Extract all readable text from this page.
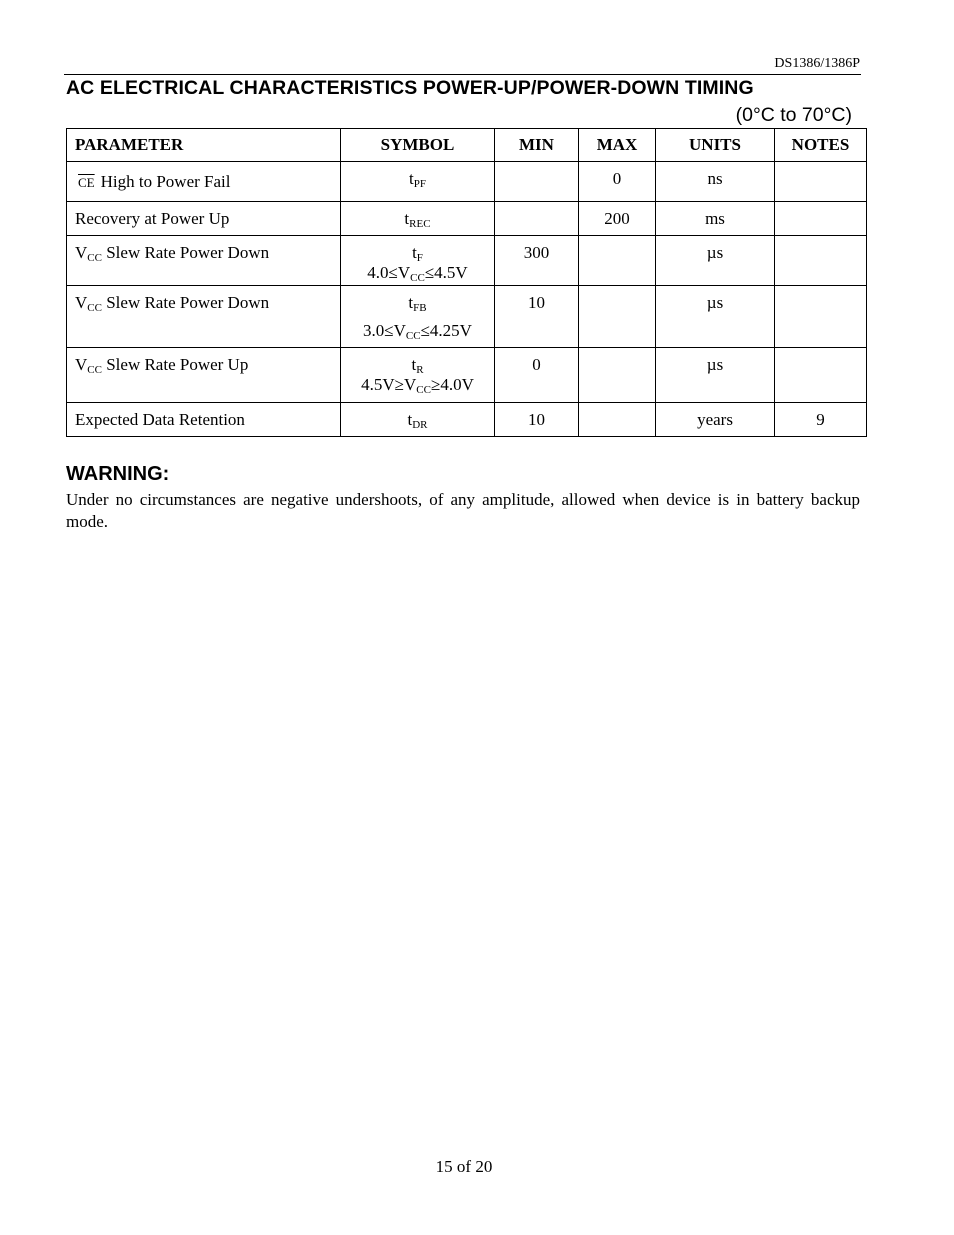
DS1386/1386P
AC ELECTRICAL CHARACTERISTICS POWER-UP/POWER-DOWN TIMING
(0°C to 70°C)
PARAMETER	SYMBOL	MIN	MAX	UNITS	NOTES
$\overline{CE}$ High to Power Fail	$t_{PF}$		0	ns	
Recovery at Power Up	$t_{REC}$		200	ms	
$V_{CC}$ Slew Rate Power Down	$t_F$
$4.0\le V_{CC}\le 4.5V$	300		µs	
$V_{CC}$ Slew Rate Power Down	$t_{FB}$
$3.0\le V_{CC}\le 4.25V$	10		µs	
$V_{CC}$ Slew Rate Power Up	$t_R$
$4.5V\ge V_{CC}\ge 4.0V$	0		µs	
Expected Data Retention	$t_{DR}$	10		years	9
WARNING:
Under no circumstances are negative undershoots, of any amplitude, allowed when device is in battery backup mode.
15 of 20
